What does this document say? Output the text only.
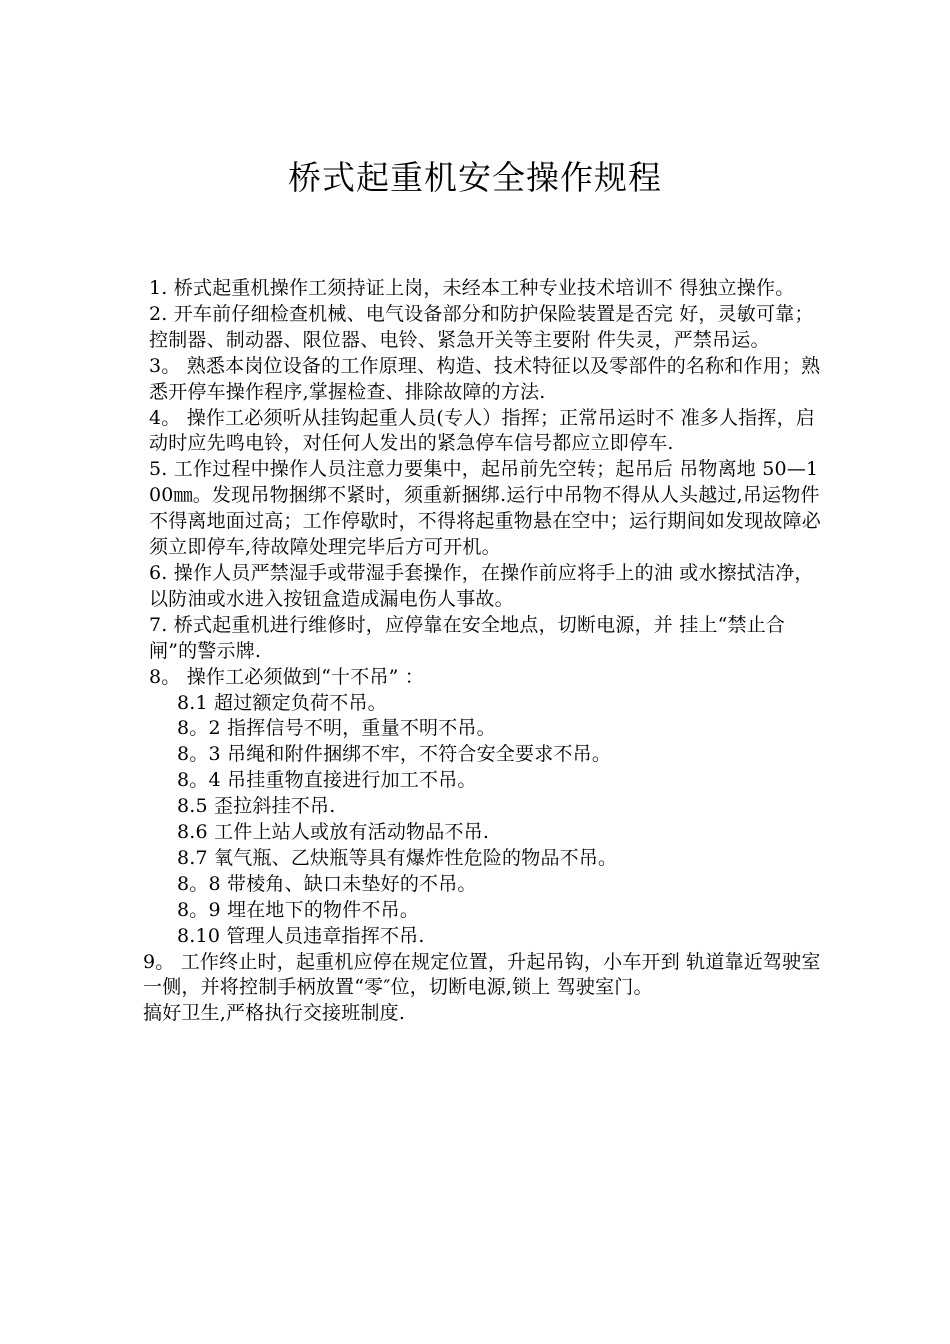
桥式起重机安全操作规程

1. 桥式起重机操作工须持证上岗，未经本工种专业技术培训不 得独立操作。

2. 开车前仔细检查机械、电气设备部分和防护保险装置是否完 好，灵敏可靠；控制器、制动器、限位器、电铃、紧急开关等主要附 件失灵，严禁吊运。

3。 熟悉本岗位设备的工作原理、构造、技术特征以及零部件的名称和作用；熟悉开停车操作程序,掌握检查、排除故障的方法.

4。 操作工必须听从挂钩起重人员(专人）指挥；正常吊运时不 准多人指挥，启动时应先鸣电铃，对任何人发出的紧急停车信号都应立即停车.

5. 工作过程中操作人员注意力要集中，起吊前先空转；起吊后 吊物离地 50—100㎜。发现吊物捆绑不紧时，须重新捆绑.运行中吊物不得从人头越过,吊运物件不得离地面过高；工作停歇时，不得将起重物悬在空中；运行期间如发现故障必须立即停车,待故障处理完毕后方可开机。

6. 操作人员严禁湿手或带湿手套操作，在操作前应将手上的油 或水擦拭洁净，以防油或水进入按钮盒造成漏电伤人事故。

7. 桥式起重机进行维修时，应停靠在安全地点，切断电源，并 挂上“禁止合闸”的警示牌.

8。 操作工必须做到“十不吊” ：

8.1 超过额定负荷不吊。

8。2 指挥信号不明，重量不明不吊。

8。3 吊绳和附件捆绑不牢，不符合安全要求不吊。

8。4 吊挂重物直接进行加工不吊。

8.5 歪拉斜挂不吊.

8.6 工件上站人或放有活动物品不吊.

8.7 氧气瓶、乙炔瓶等具有爆炸性危险的物品不吊。

8。8 带棱角、缺口未垫好的不吊。

8。9 埋在地下的物件不吊。

8.10 管理人员违章指挥不吊.

9。 工作终止时，起重机应停在规定位置，升起吊钩，小车开到 轨道靠近驾驶室一侧，并将控制手柄放置“零″位，切断电源,锁上 驾驶室门。

搞好卫生,严格执行交接班制度.
